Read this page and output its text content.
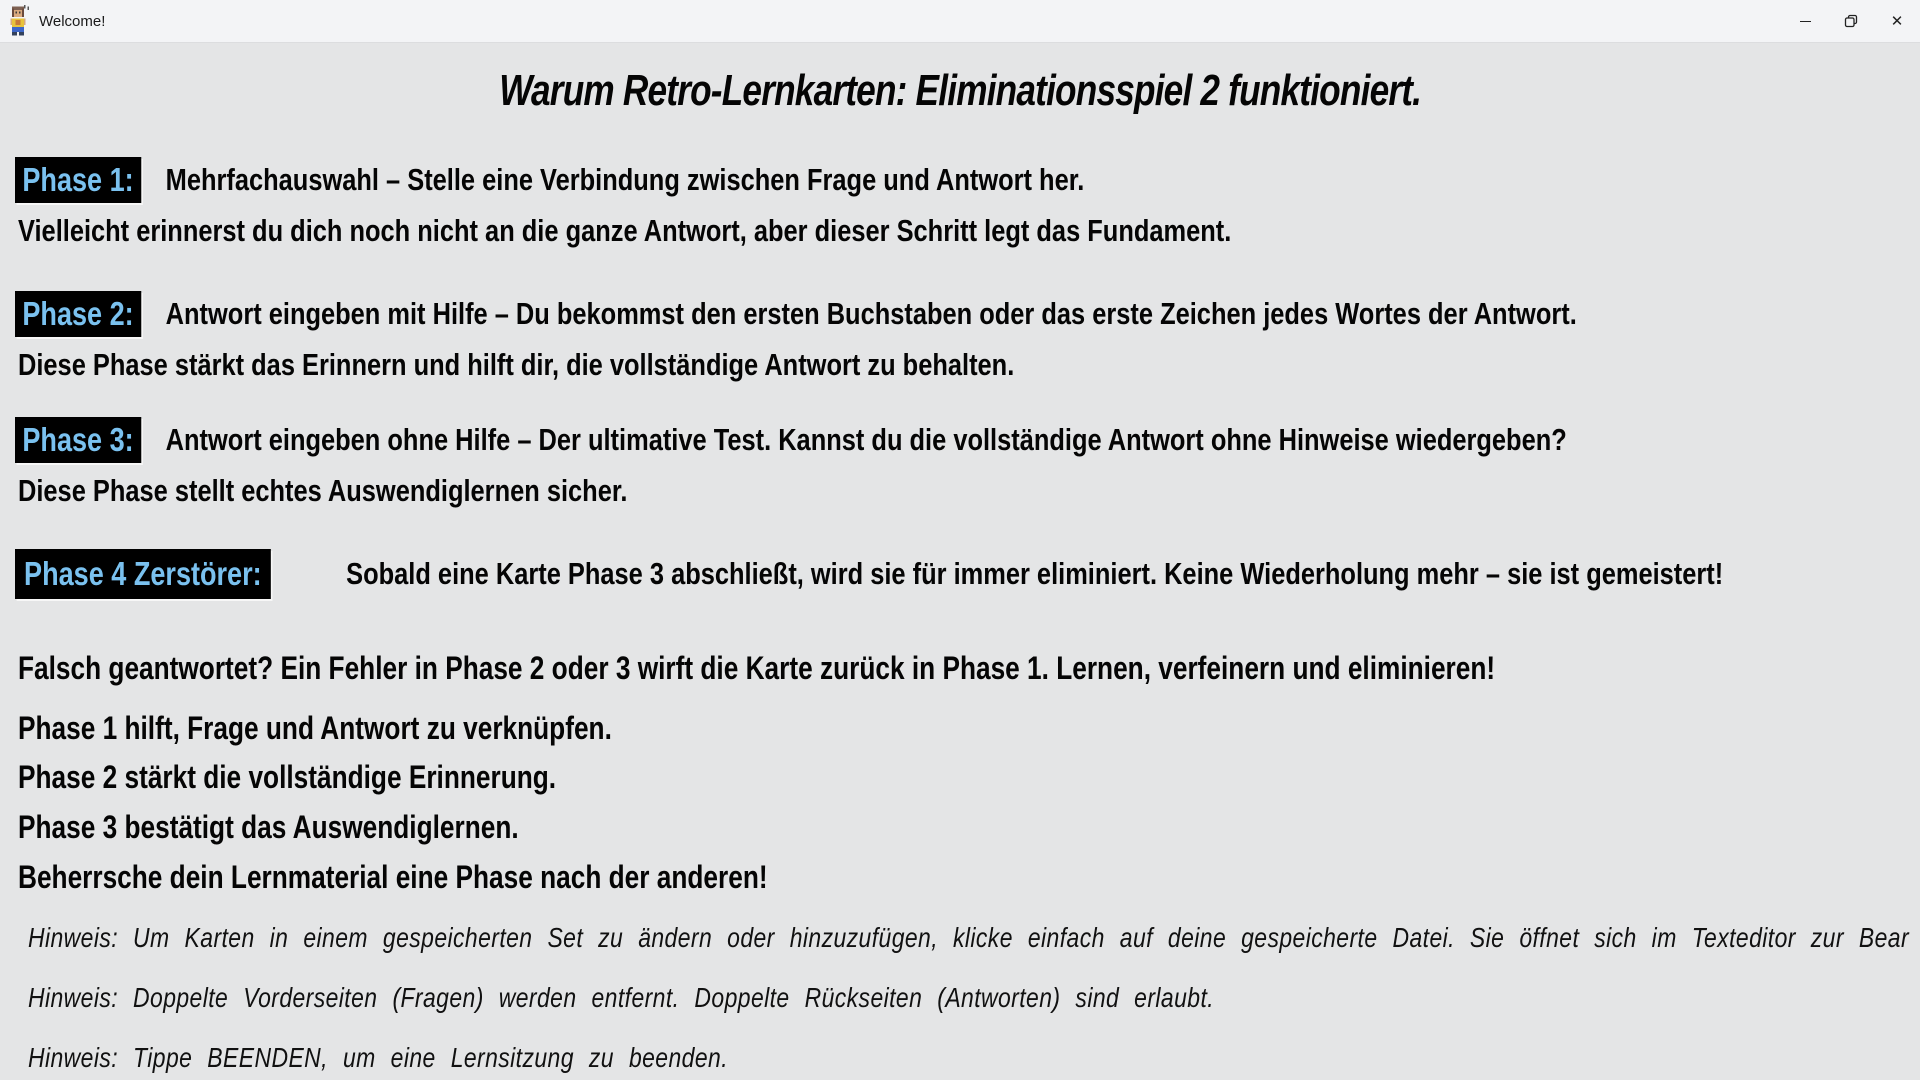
Welcome!	✕
Warum Retro-Lernkarten: Eliminationsspiel 2 funktioniert.
Phase 1: Mehrfachauswahl – Stelle eine Verbindung zwischen Frage und Antwort her.
Vielleicht erinnerst du dich noch nicht an die ganze Antwort, aber dieser Schritt legt das Fundament.
Phase 2: Antwort eingeben mit Hilfe – Du bekommst den ersten Buchstaben oder das erste Zeichen jedes Wortes der Antwort.
Diese Phase stärkt das Erinnern und hilft dir, die vollständige Antwort zu behalten.
Phase 3: Antwort eingeben ohne Hilfe – Der ultimative Test. Kannst du die vollständige Antwort ohne Hinweise wiedergeben?
Diese Phase stellt echtes Auswendiglernen sicher.
Phase 4 Zerstörer:	Sobald eine Karte Phase 3 abschließt, wird sie für immer eliminiert. Keine Wiederholung mehr – sie ist gemeistert!
Falsch geantwortet? Ein Fehler in Phase 2 oder 3 wirft die Karte zurück in Phase 1. Lernen, verfeinern und eliminieren!
Phase 1 hilft, Frage und Antwort zu verknüpfen.
Phase 2 stärkt die vollständige Erinnerung.
Phase 3 bestätigt das Auswendiglernen.
Beherrsche dein Lernmaterial eine Phase nach der anderen!
Hinweis: Um Karten in einem gespeicherten Set zu ändern oder hinzuzufügen, klicke einfach auf deine gespeicherte Datei. Sie öffnet sich im Texteditor zur Bear
Hinweis: Doppelte Vorderseiten (Fragen) werden entfernt. Doppelte Rückseiten (Antworten) sind erlaubt.
Hinweis: Tippe BEENDEN, um eine Lernsitzung zu beenden.
